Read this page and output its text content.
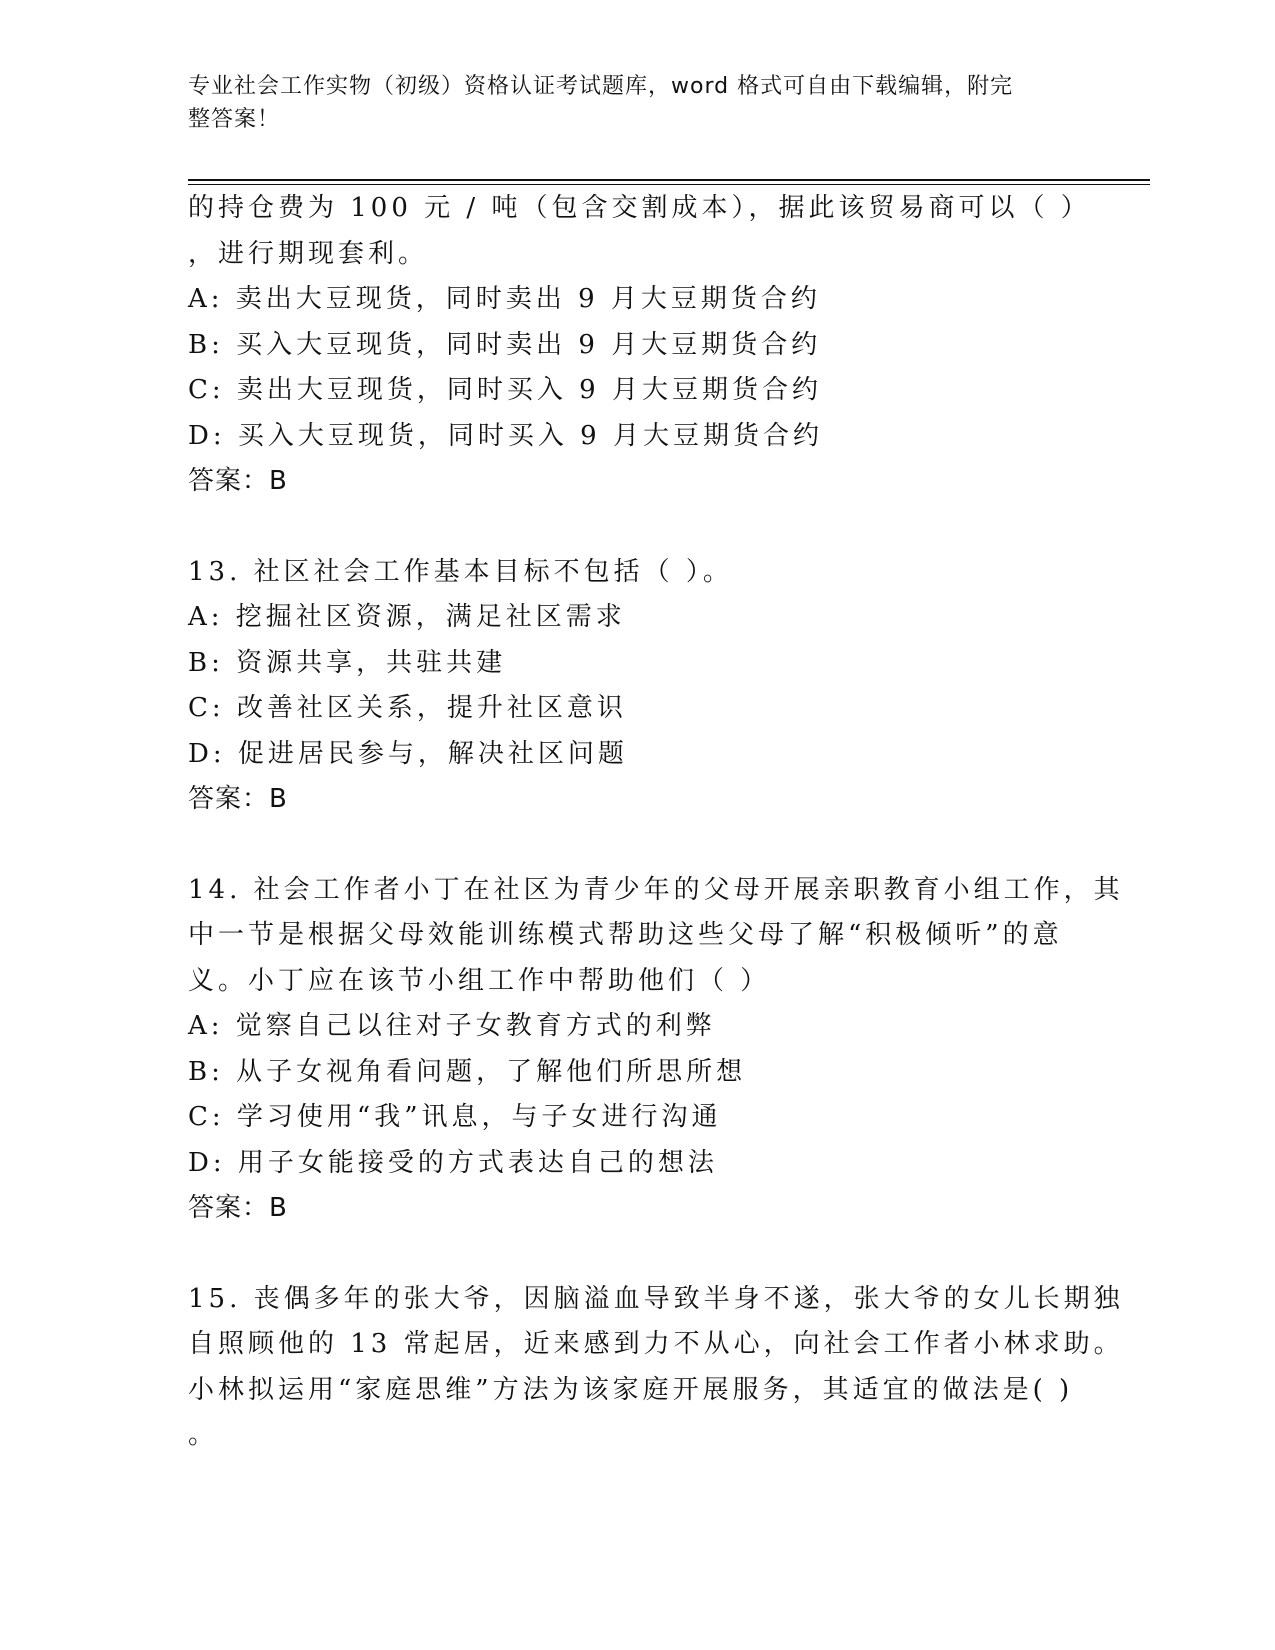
专业社会工作实物（初级）资格认证考试题库，word 格式可自由下载编辑，附完
整答案！
的持仓费为 100 元 / 吨（包含交割成本），据此该贸易商可以（ ）
，进行期现套利。
A: 卖出大豆现货，同时卖出 9 月大豆期货合约
B: 买入大豆现货，同时卖出 9 月大豆期货合约
C: 卖出大豆现货，同时买入 9 月大豆期货合约
D: 买入大豆现货，同时买入 9 月大豆期货合约
答案：B
13. 社区社会工作基本目标不包括（ ）。
A: 挖掘社区资源，满足社区需求
B: 资源共享，共驻共建
C: 改善社区关系，提升社区意识
D: 促进居民参与，解决社区问题
答案：B
14. 社会工作者小丁在社区为青少年的父母开展亲职教育小组工作，其
中一节是根据父母效能训练模式帮助这些父母了解“积极倾听”的意
义。小丁应在该节小组工作中帮助他们（ ）
A: 觉察自己以往对子女教育方式的利弊
B: 从子女视角看问题，了解他们所思所想
C: 学习使用“我”讯息，与子女进行沟通
D: 用子女能接受的方式表达自己的想法
答案：B
15. 丧偶多年的张大爷，因脑溢血导致半身不遂，张大爷的女儿长期独
自照顾他的 13 常起居，近来感到力不从心，向社会工作者小林求助。
小林拟运用“家庭思维”方法为该家庭开展服务，其适宜的做法是( )
。
